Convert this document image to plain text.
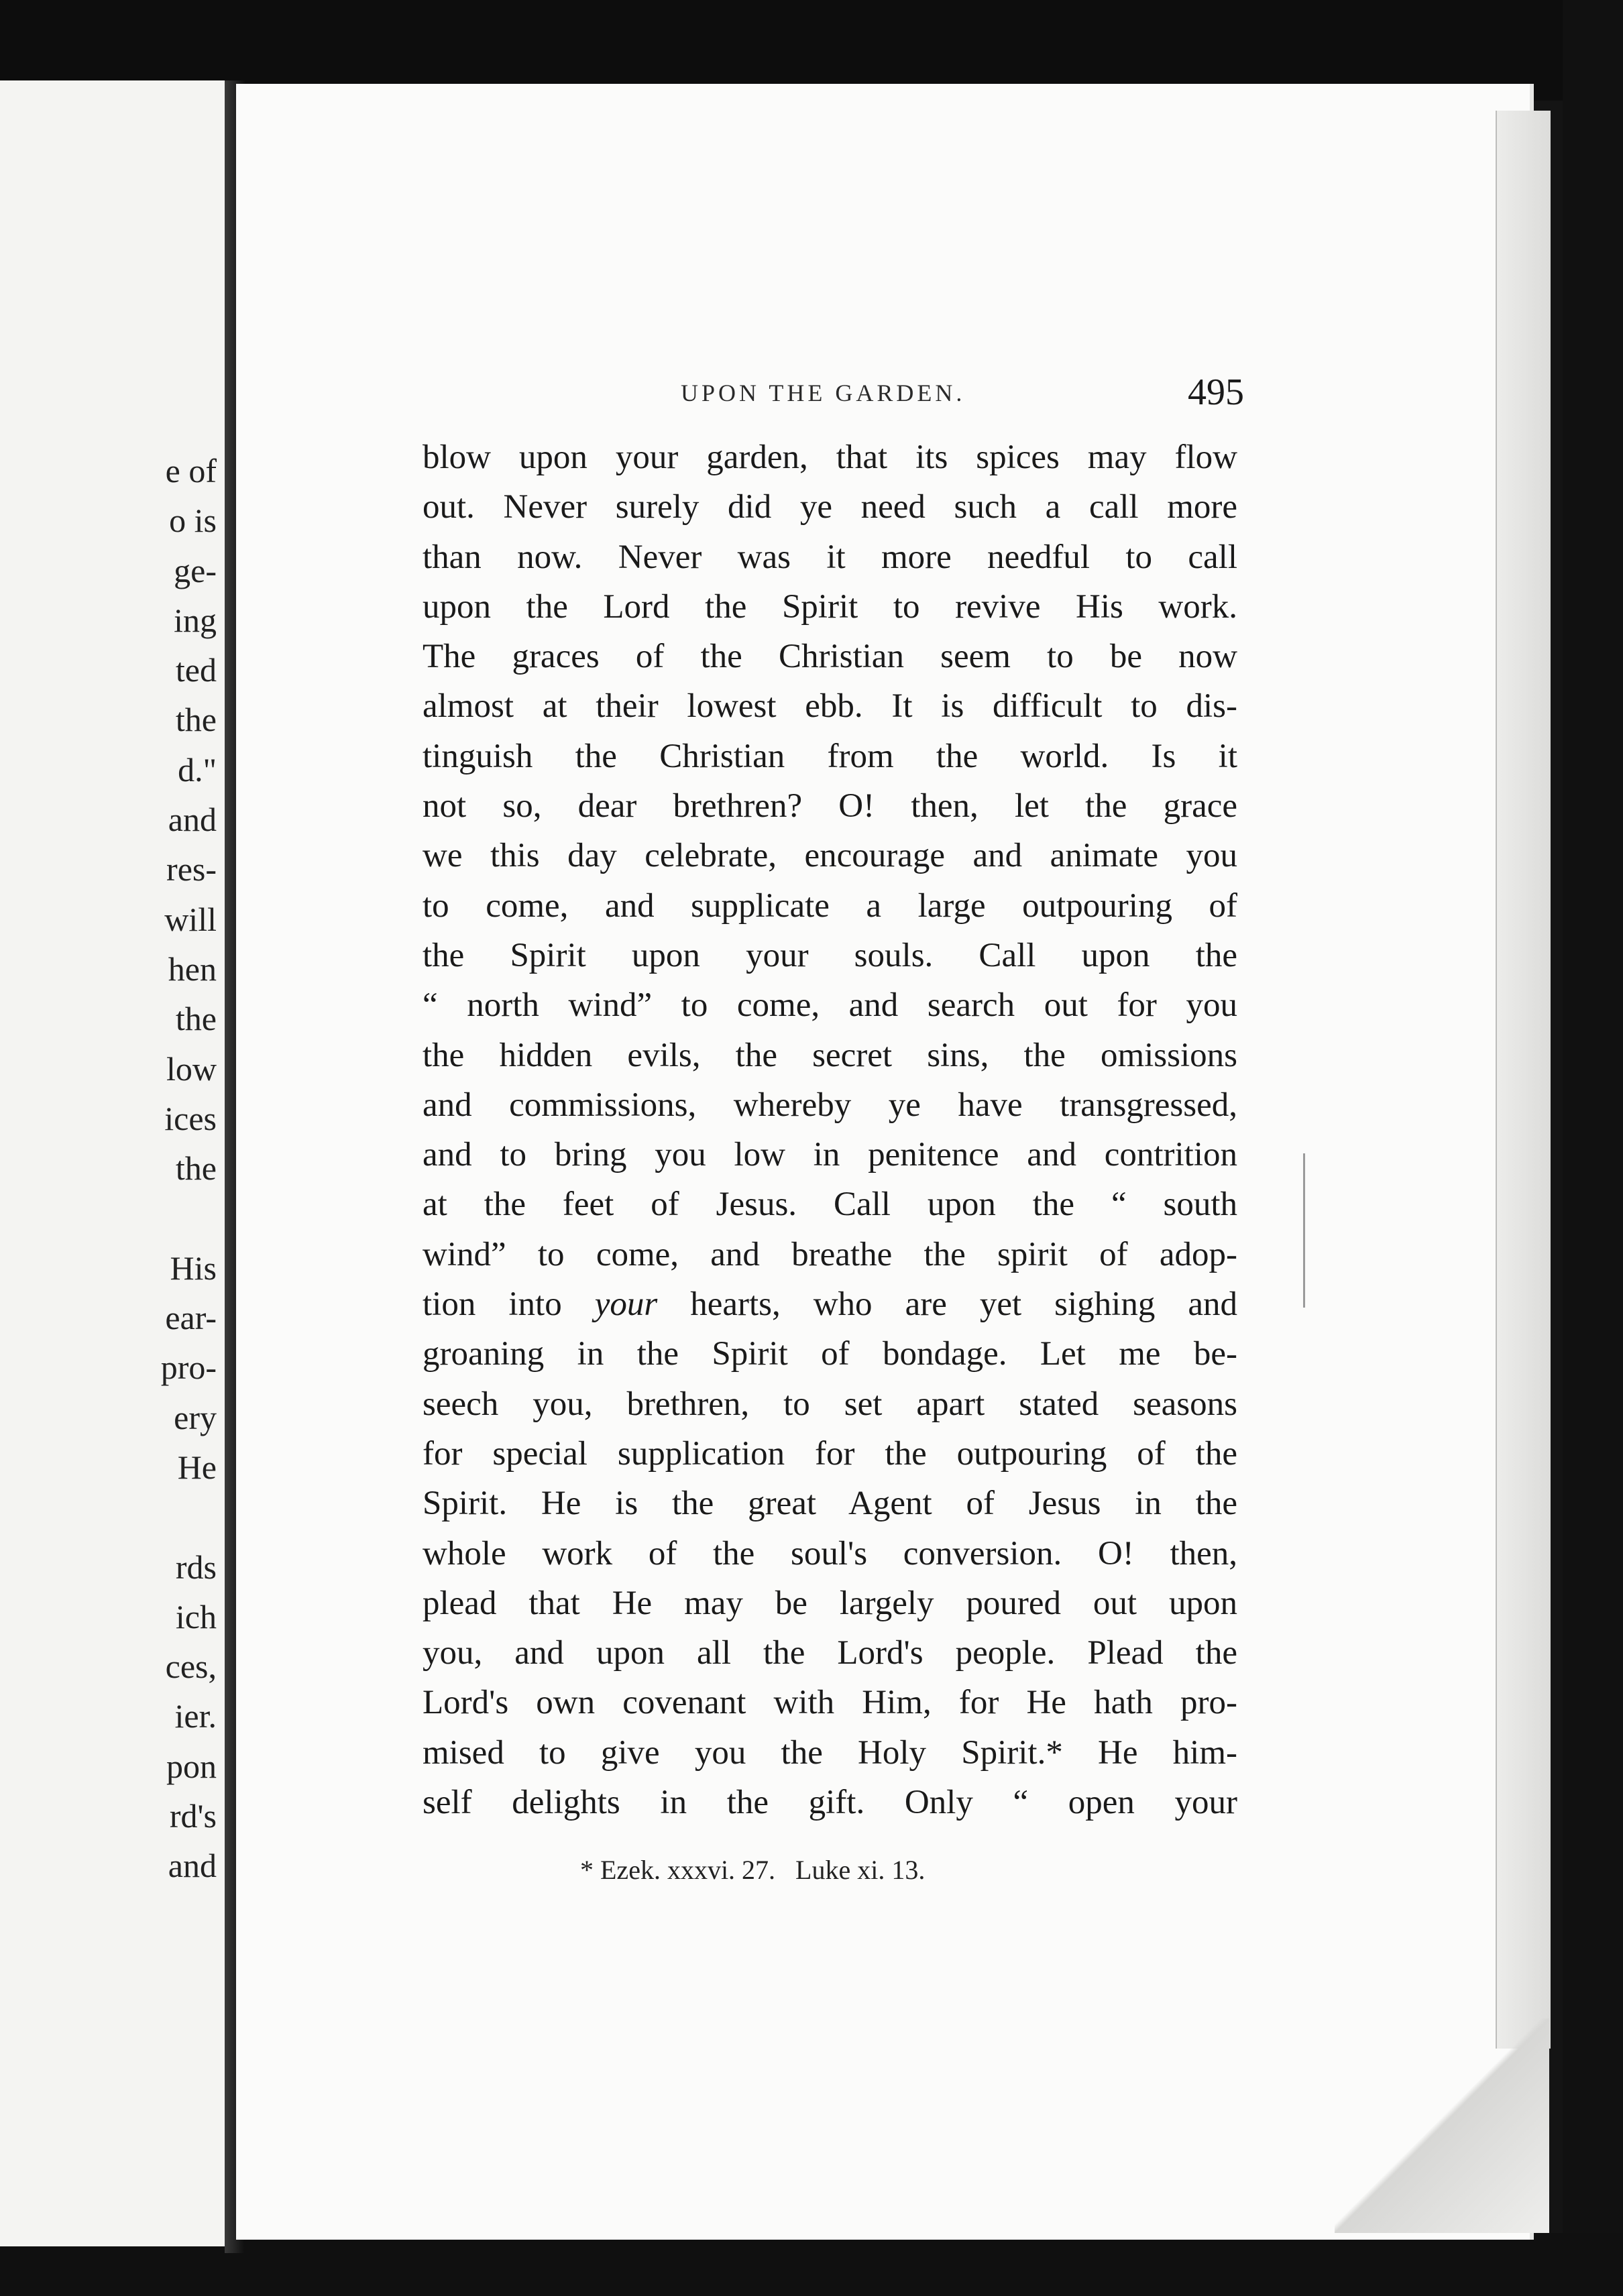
e of
o is
ge-
ing
ted
the
d."
and
res-
will
hen
the
low
ices
the
His
ear-
pro-
ery
He
rds
ich
ces,
ier.
pon
rd's
and
UPON THE GARDEN.	495
blow upon your garden, that its spices may flow
out. Never surely did ye need such a call more
than now. Never was it more needful to call
upon the Lord the Spirit to revive His work.
The graces of the Christian seem to be now
almost at their lowest ebb. It is difficult to dis-
tinguish the Christian from the world. Is it
not so, dear brethren? O! then, let the grace
we this day celebrate, encourage and animate you
to come, and supplicate a large outpouring of
the Spirit upon your souls. Call upon the
“ north wind” to come, and search out for you
the hidden evils, the secret sins, the omissions
and commissions, whereby ye have transgressed,
and to bring you low in penitence and contrition
at the feet of Jesus. Call upon the “ south
wind” to come, and breathe the spirit of adop-
tion into your hearts, who are yet sighing and
groaning in the Spirit of bondage. Let me be-
seech you, brethren, to set apart stated seasons
for special supplication for the outpouring of the
Spirit. He is the great Agent of Jesus in the
whole work of the soul's conversion. O! then,
plead that He may be largely poured out upon
you, and upon all the Lord's people. Plead the
Lord's own covenant with Him, for He hath pro-
mised to give you the Holy Spirit.* He him-
self delights in the gift. Only “ open your
* Ezek. xxxvi. 27.   Luke xi. 13.
